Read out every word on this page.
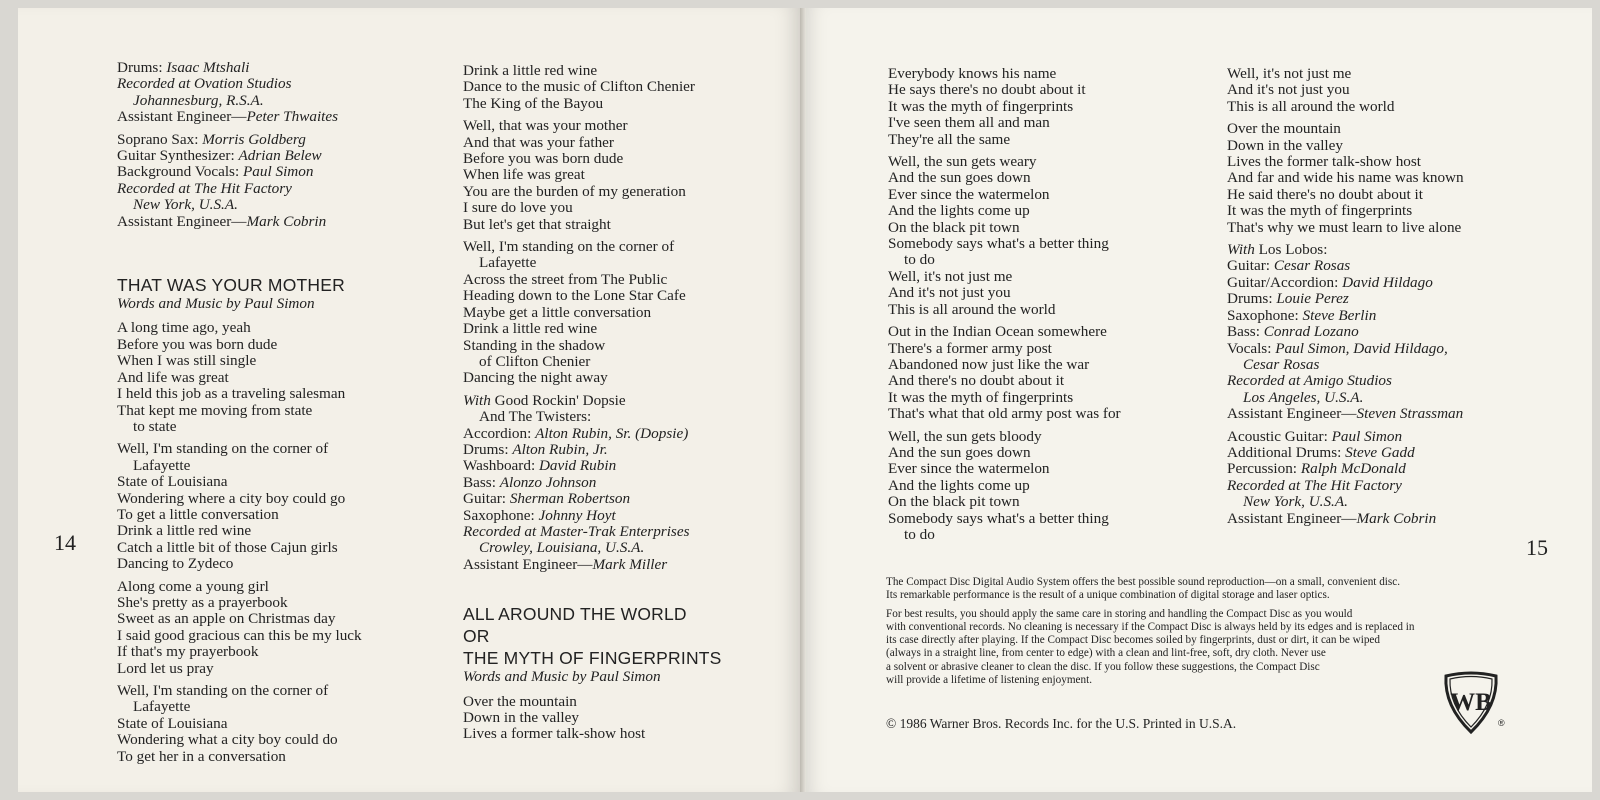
14
Drums: Isaac Mtshali
Recorded at Ovation Studios
Johannesburg, R.S.A.
Assistant Engineer—Peter Thwaites
Soprano Sax: Morris Goldberg
Guitar Synthesizer: Adrian Belew
Background Vocals: Paul Simon
Recorded at The Hit Factory
New York, U.S.A.
Assistant Engineer—Mark Cobrin
THAT WAS YOUR MOTHER
Words and Music by Paul Simon
A long time ago, yeah
Before you was born dude
When I was still single
And life was great
I held this job as a traveling salesman
That kept me moving from state
to state
Well, I'm standing on the corner of
Lafayette
State of Louisiana
Wondering where a city boy could go
To get a little conversation
Drink a little red wine
Catch a little bit of those Cajun girls
Dancing to Zydeco
Along come a young girl
She's pretty as a prayerbook
Sweet as an apple on Christmas day
I said good gracious can this be my luck
If that's my prayerbook
Lord let us pray
Well, I'm standing on the corner of
Lafayette
State of Louisiana
Wondering what a city boy could do
To get her in a conversation
Drink a little red wine
Dance to the music of Clifton Chenier
The King of the Bayou
Well, that was your mother
And that was your father
Before you was born dude
When life was great
You are the burden of my generation
I sure do love you
But let's get that straight
Well, I'm standing on the corner of
Lafayette
Across the street from The Public
Heading down to the Lone Star Cafe
Maybe get a little conversation
Drink a little red wine
Standing in the shadow
of Clifton Chenier
Dancing the night away
With Good Rockin' Dopsie
And The Twisters:
Accordion: Alton Rubin, Sr. (Dopsie)
Drums: Alton Rubin, Jr.
Washboard: David Rubin
Bass: Alonzo Johnson
Guitar: Sherman Robertson
Saxophone: Johnny Hoyt
Recorded at Master-Trak Enterprises
Crowley, Louisiana, U.S.A.
Assistant Engineer—Mark Miller
ALL AROUND THE WORLD
OR
THE MYTH OF FINGERPRINTS
Words and Music by Paul Simon
Over the mountain
Down in the valley
Lives a former talk-show host
15
Everybody knows his name
He says there's no doubt about it
It was the myth of fingerprints
I've seen them all and man
They're all the same
Well, the sun gets weary
And the sun goes down
Ever since the watermelon
And the lights come up
On the black pit town
Somebody says what's a better thing
to do
Well, it's not just me
And it's not just you
This is all around the world
Out in the Indian Ocean somewhere
There's a former army post
Abandoned now just like the war
And there's no doubt about it
It was the myth of fingerprints
That's what that old army post was for
Well, the sun gets bloody
And the sun goes down
Ever since the watermelon
And the lights come up
On the black pit town
Somebody says what's a better thing
to do
Well, it's not just me
And it's not just you
This is all around the world
Over the mountain
Down in the valley
Lives the former talk-show host
And far and wide his name was known
He said there's no doubt about it
It was the myth of fingerprints
That's why we must learn to live alone
With Los Lobos:
Guitar: Cesar Rosas
Guitar/Accordion: David Hildago
Drums: Louie Perez
Saxophone: Steve Berlin
Bass: Conrad Lozano
Vocals: Paul Simon, David Hildago,
Cesar Rosas
Recorded at Amigo Studios
Los Angeles, U.S.A.
Assistant Engineer—Steven Strassman
Acoustic Guitar: Paul Simon
Additional Drums: Steve Gadd
Percussion: Ralph McDonald
Recorded at The Hit Factory
New York, U.S.A.
Assistant Engineer—Mark Cobrin
The Compact Disc Digital Audio System offers the best possible sound reproduction—on a small, convenient disc.
Its remarkable performance is the result of a unique combination of digital storage and laser optics.
For best results, you should apply the same care in storing and handling the Compact Disc as you would
with conventional records. No cleaning is necessary if the Compact Disc is always held by its edges and is replaced in
its case directly after playing. If the Compact Disc becomes soiled by fingerprints, dust or dirt, it can be wiped
(always in a straight line, from center to edge) with a clean and lint-free, soft, dry cloth. Never use
a solvent or abrasive cleaner to clean the disc. If you follow these suggestions, the Compact Disc
will provide a lifetime of listening enjoyment.
© 1986 Warner Bros. Records Inc. for the U.S. Printed in U.S.A.
WB
®
